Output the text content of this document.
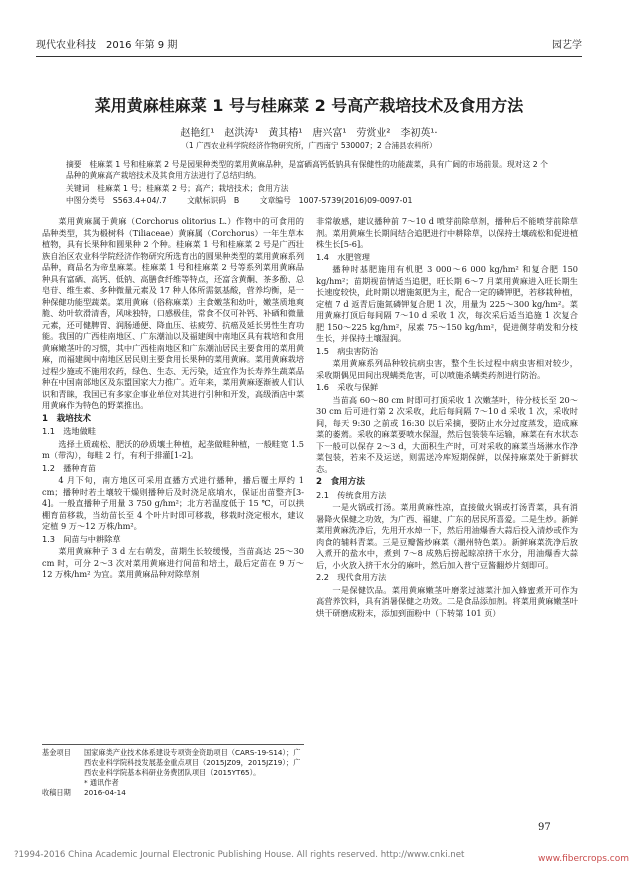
现代农业科技　 2016 年第 9 期	园艺学
菜用黄麻桂麻菜 1 号与桂麻菜 2 号高产栽培技术及食用方法
赵艳红¹　赵洪涛¹　黄其椿¹　唐兴富¹　劳赏业²　李初英¹·
（1 广西农业科学院经济作物研究所，广西南宁 530007；2 合浦县农科所）
摘要　桂麻菜 1 号和桂麻菜 2 号是园果种类型的菜用黄麻品种，是富硒高钙低钠具有保健性的功能蔬菜，具有广阔的市场前景。现对这 2 个品种的黄麻高产栽培技术及其食用方法进行了总结归纳。
关键词　桂麻菜 1 号；桂麻菜 2 号；高产；栽培技术；食用方法
中图分类号　S563.4+04/.7	文献标识码　B	文章编号　1007-5739(2016)09-0097-01

菜用黄麻属于黄麻（Corchorus olitorius L.）作物中的可食用的品种类型，其为椴树科（Tiliaceae）黄麻属（Corchorus）一年生草本植物，具有长果种和圆果种 2 个种。桂麻菜 1 号和桂麻菜 2 号是广西壮族自治区农业科学院经济作物研究所选育出的圆果种类型的菜用黄麻系列品种，商品名为帝皇麻菜。桂麻菜 1 号和桂麻菜 2 号等系列菜用黄麻品种具有富硒、高钙、低钠、高膳食纤维等特点，还富含黄酮、茶多酚、总皂苷、维生素、多种微量元素及 17 种人体所需氨基酸，营养均衡，是一种保健功能型蔬菜。菜用黄麻（俗称麻菜）主食嫩茎和幼叶，嫩茎质地爽脆、幼叶软滑清香，风味独特，口感极佳，常食不仅可补钙、补硒和微量元素，还可健脾胃、润肠通便、降血压、祛疲劳、抗癌及延长男性生育功能。我国的广西桂南地区、广东潮汕以及福建闽中南地区具有栽培和食用黄麻嫩茎叶的习惯，其中广西桂南地区和广东潮汕居民主要食用的菜用黄麻，而福建闽中南地区居民则主要食用长果种的菜用黄麻。菜用黄麻栽培过程少施或不施用农药，绿色、生态、无污染，适宜作为长寿养生蔬菜品种在中国南部地区及东盟国家大力推广。近年来，菜用黄麻逐渐被人们认识和青睐，我国已有多家企事业单位对其进行引种和开发，高级酒店中菜用黄麻作为特色的野菜推出。

1　栽培技术
1.1　选地做畦

选择土质疏松、肥沃的砂质壤土种植，起垄做畦种植，一般畦宽 1.5 m（带沟），每畦 2 行，有利于排灌[1-2]。

1.2　播种育苗

4 月下旬，南方地区可采用直播方式进行播种，播后覆土厚约 1 cm；播种时若土壤较干燥则播种后及时浇足底墒水，保证出苗整齐[3-4]。一般直播种子用量 3 750 g/hm²；北方若温度低于 15 ℃，可以拱棚育苗移栽，当幼苗长至 4 个叶片时即可移栽，移栽时浇定根水，建议定植 9 万～12 万株/hm²。

1.3　间苗与中耕除草

菜用黄麻种子 3 d 左右萌发，苗期生长较缓慢，当苗高达 25～30 cm 时，可分 2～3 次对菜用黄麻进行间苗和培土，最后定苗在 9 万～12 万株/hm² 为宜。菜用黄麻品种对除草剂

非常敏感，建议播种前 7～10 d 喷芽前除草剂，播种后不能喷芽前除草剂。菜用黄麻生长期间结合追肥进行中耕除草，以保持土壤疏松和促进植株生长[5-6]。

1.4　水肥管理

播种时基肥施用有机肥 3 000～6 000 kg/hm² 和复合肥 150 kg/hm²；苗期视苗情适当追肥，旺长期 6～7 月菜用黄麻进入旺长期生长速度较快，此时期以增施氮肥为主，配合一定的磷钾肥，若移栽种植，定植 7 d 返青后施氮磷钾复合肥 1 次，用量为 225～300 kg/hm²。菜用黄麻打顶后每间隔 7～10 d 采收 1 次，每次采后适当追施 1 次复合肥 150～225 kg/hm²，尿素 75～150 kg/hm²，促进侧芽萌发和分枝生长，并保持土壤湿润。

1.5　病虫害防治

菜用黄麻系列品种较抗病虫害，整个生长过程中病虫害相对较少，采收期偶见田间出现螨类危害，可以喷施杀螨类药剂进行防治。

1.6　采收与保鲜

当苗高 60～80 cm 时即可打顶采收 1 次嫩茎叶，待分枝长至 20～30 cm 后可进行第 2 次采收，此后每间隔 7～10 d 采收 1 次，采收时间，每天 9:30 之前或 16:30 以后采摘，要防止水分过度蒸发，造成麻菜的萎蔫。采收的麻菜要喷水保湿，然后包装装车运输，麻菜在有水状态下一般可以保存 2～3 d，大面积生产时，可对采收的麻菜当场淋水作净菜包装，若来不及运送，则需送冷库短期保鲜，以保持麻菜处于新鲜状态。

2　食用方法
2.1　传统食用方法

一是火锅或打汤。菜用黄麻性凉，直接做火锅或打汤青菜，具有消暑降火保健之功效，为广西、福建、广东的居民所喜爱。二是生炒。新鲜菜用黄麻洗净后，先用开水焯一下，然后用油爆香大蒜后投入清炒或作为肉食的辅料青菜。三是豆瓣酱炒麻菜（潮州特色菜）。新鲜麻菜洗净后放入煮开的盐水中，煮到 7～8 成熟后捞起晾凉挤干水分，用油爆香大蒜后，小火放入挤干水分的麻叶，然后加入普宁豆酱翻炒片刻即可。

2.2　现代食用方法

一是保健饮品。菜用黄麻嫩茎叶磨浆过滤菜汁加入蜂蜜煮开可作为高营养饮料，具有消暑保健之功效。二是食品添加剂。将菜用黄麻嫩茎叶烘干研磨成粉末，添加到面粉中（下转第 101 页）

基金项目	国家麻类产业技术体系建设专项资金资助项目（CARS-19-S14）；广西农业科学院科技发展基金重点项目（2015JZ09，2015JZ19）；广西农业科学院基本科研业务费团队项目（2015YT65）。
* 通讯作者
收稿日期	2016-04-14
97
?1994-2016 China Academic Journal Electronic Publishing House. All rights reserved. http://www.cnki.net	www.fibercrops.com
